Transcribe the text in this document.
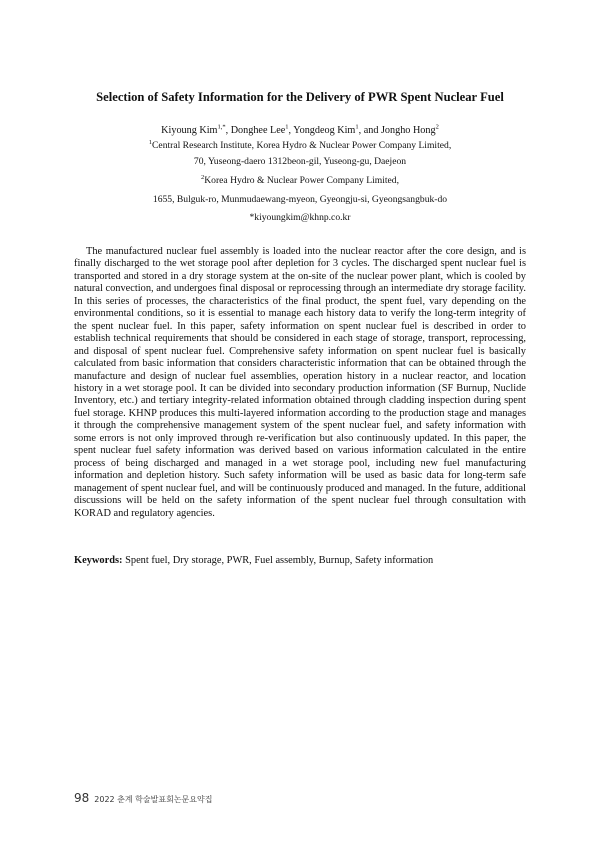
Selection of Safety Information for the Delivery of PWR Spent Nuclear Fuel
Kiyoung Kim$^{1,*}$, Donghee Lee$^1$, Yongdeog Kim$^1$, and Jongho Hong$^2$
$^1$Central Research Institute, Korea Hydro & Nuclear Power Company Limited,
70, Yuseong-daero 1312beon-gil, Yuseong-gu, Daejeon
$^2$Korea Hydro & Nuclear Power Company Limited,
1655, Bulguk-ro, Munmudaewang-myeon, Gyeongju-si, Gyeongsangbuk-do
*kiyoungkim@khnp.co.kr

The manufactured nuclear fuel assembly is loaded into the nuclear reactor after the core design, and is finally discharged to the wet storage pool after depletion for 3 cycles. The discharged spent nuclear fuel is transported and stored in a dry storage system at the on-site of the nuclear power plant, which is cooled by natural convection, and undergoes final disposal or reprocessing through an intermediate dry storage facility. In this series of processes, the characteristics of the final product, the spent fuel, vary depending on the environmental conditions, so it is essential to manage each history data to verify the long-term integrity of the spent nuclear fuel. In this paper, safety information on spent nuclear fuel is described in order to establish technical requirements that should be considered in each stage of storage, transport, reprocessing, and disposal of spent nuclear fuel. Comprehensive safety information on spent nuclear fuel is basically calculated from basic information that considers characteristic information that can be obtained through the manufacture and design of nuclear fuel assemblies, operation history in a nuclear reactor, and location history in a wet storage pool. It can be divided into secondary production information (SF Burnup, Nuclide Inventory, etc.) and tertiary integrity-related information obtained through cladding inspection during spent fuel storage. KHNP produces this multi-layered information according to the production stage and manages it through the comprehensive management system of the spent nuclear fuel, and safety information with some errors is not only improved through re-verification but also continuously updated. In this paper, the spent nuclear fuel safety information was derived based on various information calculated in the entire process of being discharged and managed in a wet storage pool, including new fuel manufacturing information and depletion history. Such safety information will be used as basic data for long-term safe management of spent nuclear fuel, and will be continuously produced and managed. In the future, additional discussions will be held on the safety information of the spent nuclear fuel through consultation with KORAD and regulatory agencies.

Keywords: Spent fuel, Dry storage, PWR, Fuel assembly, Burnup, Safety information

98 2022 춘계 학술발표회논문요약집
